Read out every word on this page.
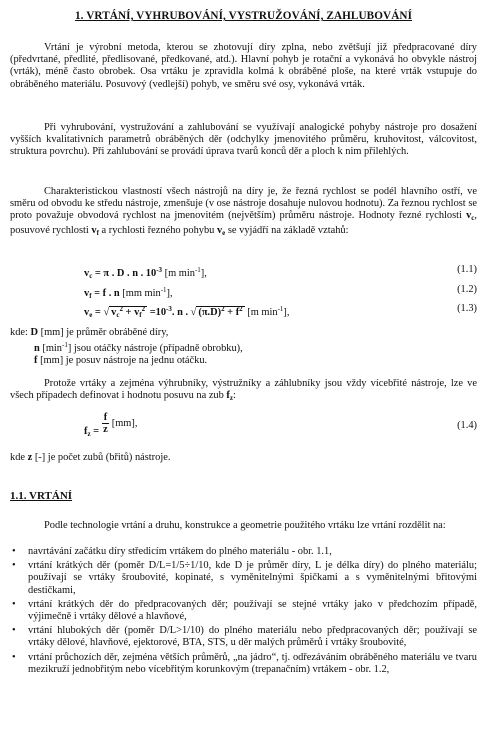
1. VRTÁNÍ, VYHRUBOVÁNÍ, VYSTRUŽOVÁNÍ, ZAHLUBOVÁNÍ

Vrtání je výrobní metoda, kterou se zhotovují díry zplna, nebo zvětšují již předpracované díry (předvrtané, předlité, předlisované, předkované, atd.). Hlavní pohyb je rotační a vykonává ho obvykle nástroj (vrták), méně často obrobek. Osa vrtáku je zpravidla kolmá k obráběné ploše, na které vrták vstupuje do obráběného materiálu. Posuvový (vedlejší) pohyb, ve směru své osy, vykonává vrták.

Při vyhrubování, vystružování a zahlubování se využívají analogické pohyby nástroje pro dosažení vyšších kvalitativních parametrů obráběných děr (odchylky jmenovitého průměru, kruhovitost, válcovitost, struktura povrchu). Při zahlubování se provádí úprava tvarů konců děr a ploch k nim přilehlých.

Charakteristickou vlastností všech nástrojů na díry je, že řezná rychlost se podél hlavního ostří, ve směru od obvodu ke středu nástroje, zmenšuje (v ose nástroje dosahuje nulovou hodnotu). Za řeznou rychlost se proto považuje obvodová rychlost na jmenovitém (největším) průměru nástroje. Hodnoty řezné rychlosti $v_c$, posuvové rychlosti $v_f$ a rychlosti řezného pohybu $v_e$ se vyjádří na základě vztahů:

$v_c = \pi$ . D . n . $10^{-3}$ [m $\min^{-1}$],	(1.1)
$v_f = f$ . n [mm $\min^{-1}$],	(1.2)
$v_e$ = √ $v_c^2 + v_f^2 =10^{-3}$. n . √ $(\pi.D)^2 + f^2$ [m $\min^{-1}$],	(1.3)

kde: D [mm] je průměr obráběné díry,

n $[\min^{-1}]$ jsou otáčky nástroje (případně obrobku),

f [mm] je posuv nástroje na jednu otáčku.

Protože vrtáky a zejména výhrubníky, výstružníky a záhlubníky jsou vždy vícebřité nástroje, lze ve všech případech definovat i hodnotu posuvu na zub $f_z$:

$f_z = \frac{f}{z} [mm]$,	(1.4)

kde z [-] je počet zubů (břitů) nástroje.

1.1. VRTÁNÍ

Podle technologie vrtání a druhu, konstrukce a geometrie použitého vrtáku lze vrtání rozdělit na:

• navrtávání začátku díry středicím vrtákem do plného materiálu - obr. 1.1,
• vrtání krátkých děr (poměr D/L=1/5÷1/10, kde D je průměr díry, L je délka díry) do plného materiálu; používají se vrtáky šroubovité, kopinaté, s vyměnitelnými špičkami a s vyměnitelnými břitovými destičkami,
• vrtání krátkých děr do předpracovaných děr; používají se stejné vrtáky jako v předchozím případě, výjimečně i vrtáky dělové a hlavňové,
• vrtání hlubokých děr (poměr D/L>1/10) do plného materiálu nebo předpracovaných děr; používají se vrtáky dělové, hlavňové, ejektorové, BTA, STS, u děr malých průměrů i vrtáky šroubovité,
• vrtání průchozích děr, zejména větších průměrů, „na jádro“, tj. odřezáváním obráběného materiálu ve tvaru mezikruží jednobřitým nebo vícebřitým korunkovým (trepanačním) vrtákem - obr. 1.2,
